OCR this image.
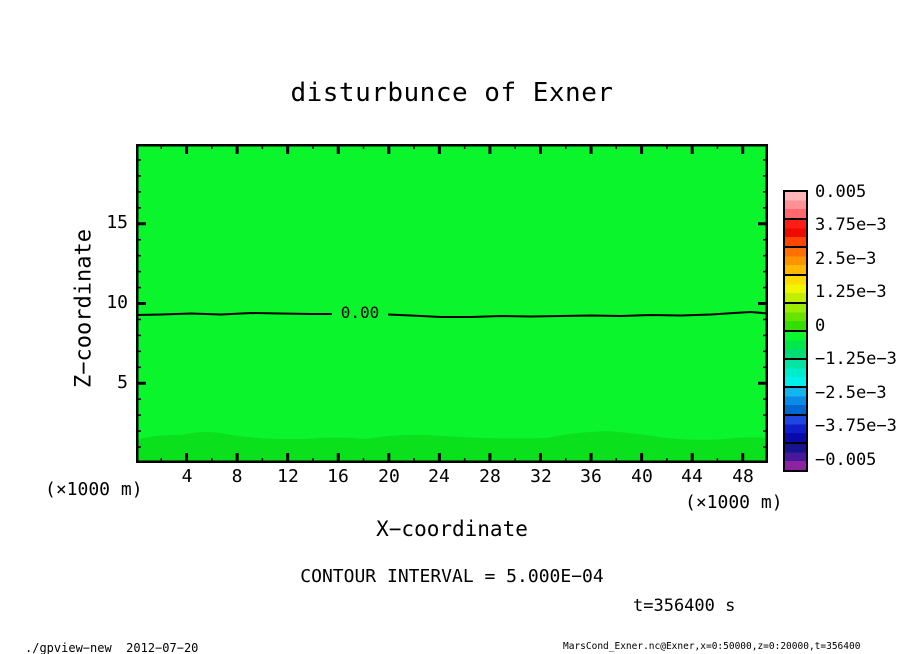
disturbunce of Exner
0.00
15
10
5
4	8	12	16	20	24	28	32	36	40	44	48
Z−coordinate
(×1000 m)
(×1000 m)
X−coordinate
CONTOUR INTERVAL = 5.000E−04
t=356400 s
0.005
3.75e−3
2.5e−3
1.25e−3
0
−1.25e−3
−2.5e−3
−3.75e−3
−0.005
./gpview−new  2012−07−20	MarsCond_Exner.nc@Exner,x=0:50000,z=0:20000,t=356400
